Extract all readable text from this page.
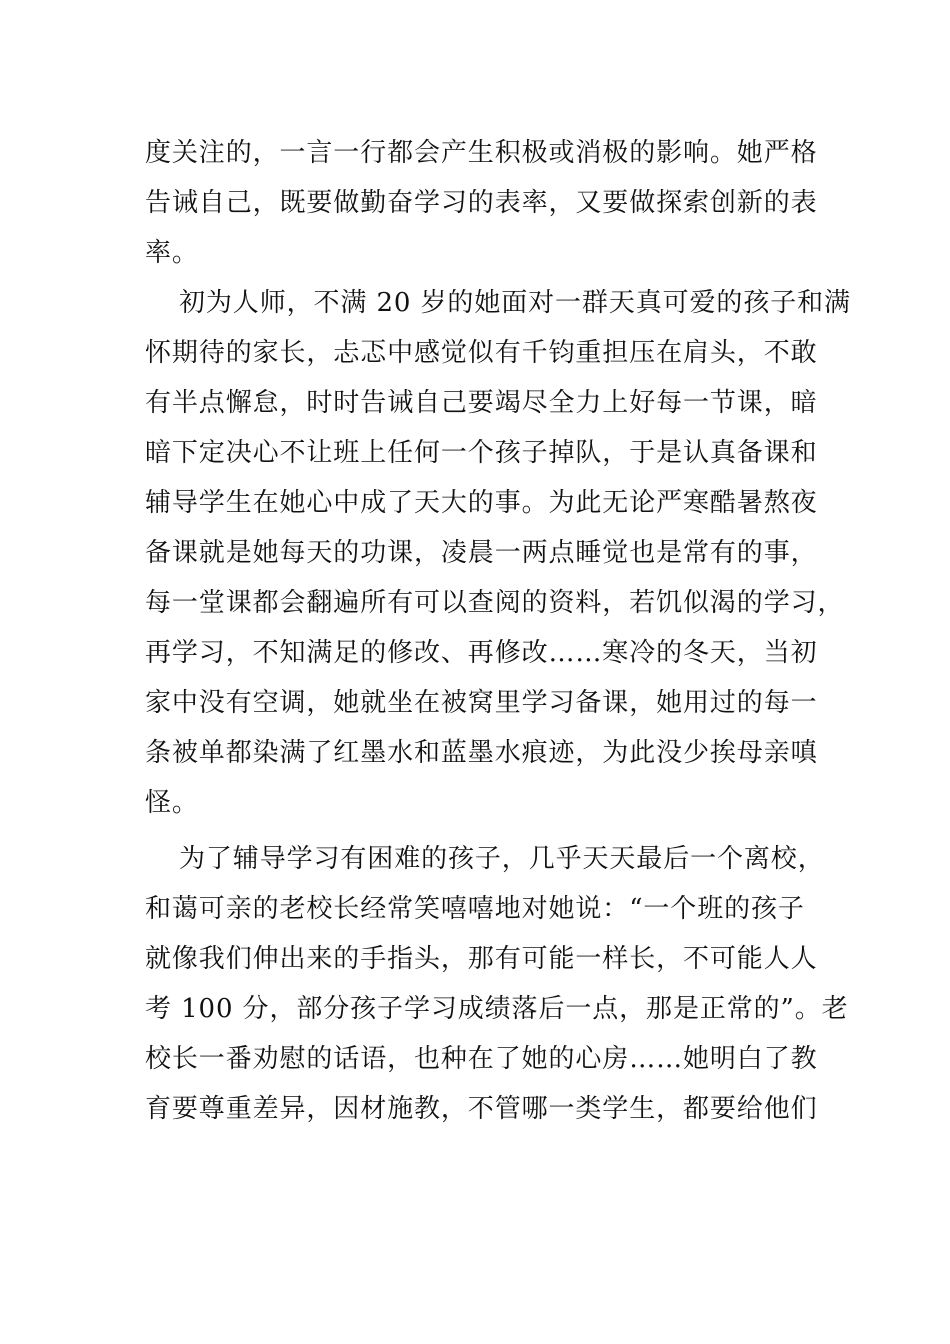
度关注的，一言一行都会产生积极或消极的影响。她严格
告诫自己，既要做勤奋学习的表率，又要做探索创新的表
率。
初为人师，不满 20 岁的她面对一群天真可爱的孩子和满
怀期待的家长，忐忑中感觉似有千钧重担压在肩头，不敢
有半点懈怠，时时告诫自己要竭尽全力上好每一节课，暗
暗下定决心不让班上任何一个孩子掉队，于是认真备课和
辅导学生在她心中成了天大的事。为此无论严寒酷暑熬夜
备课就是她每天的功课，凌晨一两点睡觉也是常有的事，
每一堂课都会翻遍所有可以查阅的资料，若饥似渴的学习，
再学习，不知满足的修改、再修改……寒冷的冬天，当初
家中没有空调，她就坐在被窝里学习备课，她用过的每一
条被单都染满了红墨水和蓝墨水痕迹，为此没少挨母亲嗔
怪。
为了辅导学习有困难的孩子，几乎天天最后一个离校，
和蔼可亲的老校长经常笑嘻嘻地对她说：“一个班的孩子
就像我们伸出来的手指头，那有可能一样长，不可能人人
考 100 分，部分孩子学习成绩落后一点，那是正常的”。老
校长一番劝慰的话语，也种在了她的心房……她明白了教
育要尊重差异，因材施教，不管哪一类学生，都要给他们
